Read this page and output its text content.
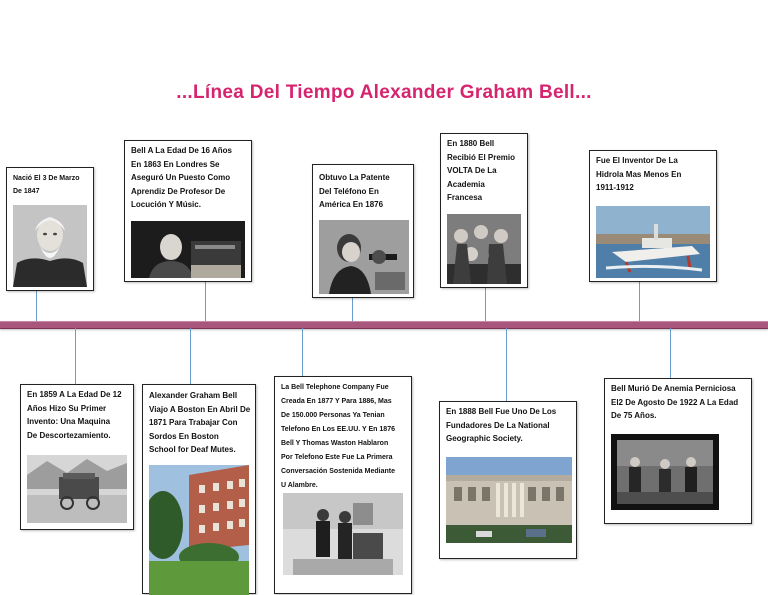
...Línea Del Tiempo Alexander Graham Bell...
Nació El 3 De Marzo
De 1847
Bell A La Edad De 16 Años
En 1863 En Londres Se
Aseguró Un Puesto Como
Aprendiz De Profesor De
Locución Y Músic.
Obtuvo La Patente
Del Teléfono En
América En 1876
En 1880 Bell
Recibió El Premio
VOLTA De La
Academia
Francesa
Fue El Inventor De La
Hidrola Mas Menos En
1911-1912
En 1859 A La Edad De 12
Años Hizo Su Primer
Invento: Una Maquina
De Descortezamiento.
Alexander Graham Bell
Viajo A Boston En Abril De
1871 Para Trabajar Con
Sordos En Boston
School for Deaf Mutes.
La Bell Telephone Company Fue
Creada En 1877 Y Para 1886, Mas
De 150.000 Personas Ya Tenian
Telefono En Los EE.UU. Y En 1876
Bell Y Thomas Waston Hablaron
Por Telefono Este Fue La Primera
Conversación Sostenida Mediante
U Alambre.
En 1888 Bell Fue Uno De Los
Fundadores De La National
Geographic Society.
Bell Murió De Anemia Perniciosa
El2 De Agosto De 1922 A La Edad
De 75 Años.
